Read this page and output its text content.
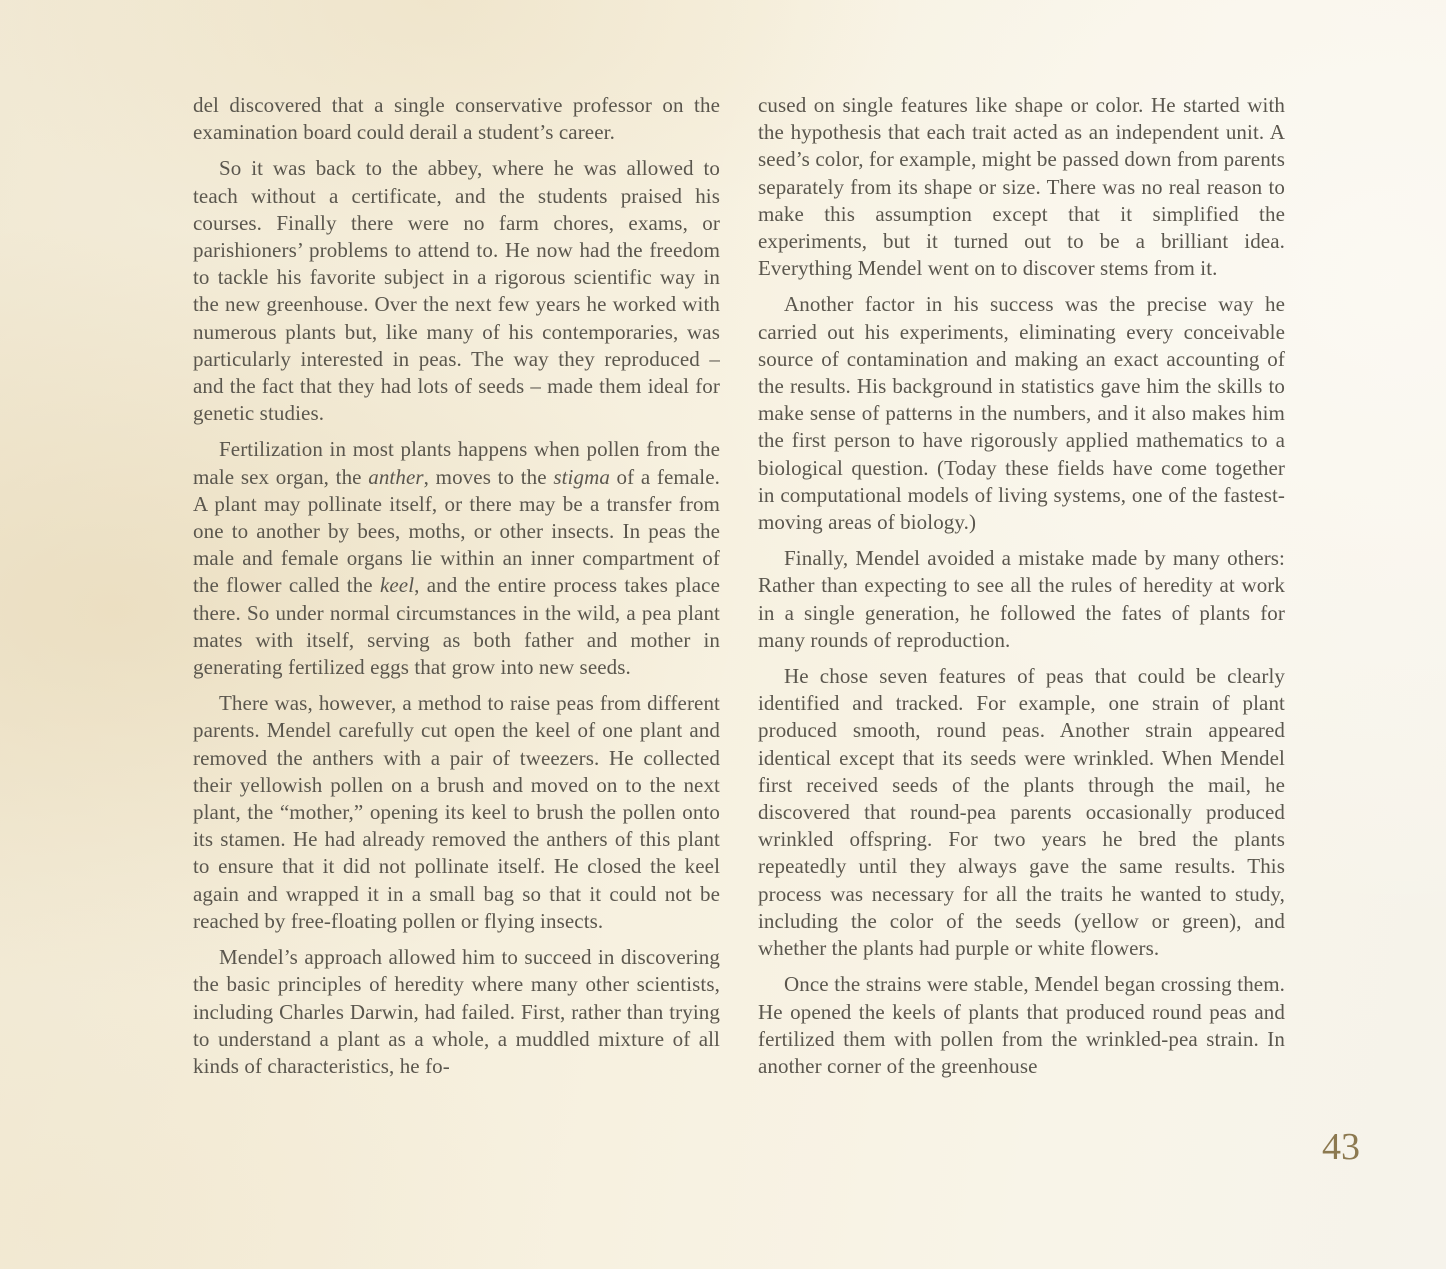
del discovered that a single conservative professor on the examination board could derail a student’s career.

So it was back to the abbey, where he was allowed to teach without a certificate, and the students praised his courses. Finally there were no farm chores, exams, or parishioners’ problems to attend to. He now had the freedom to tackle his favorite subject in a rigorous scientific way in the new greenhouse. Over the next few years he worked with numerous plants but, like many of his contemporaries, was particularly interested in peas. The way they reproduced – and the fact that they had lots of seeds – made them ideal for genetic studies.

Fertilization in most plants happens when pollen from the male sex organ, the anther, moves to the stigma of a female. A plant may pollinate itself, or there may be a transfer from one to another by bees, moths, or other insects. In peas the male and female organs lie within an inner compartment of the flower called the keel, and the entire process takes place there. So under normal circumstances in the wild, a pea plant mates with itself, serving as both father and mother in generating fertilized eggs that grow into new seeds.

There was, however, a method to raise peas from different parents. Mendel carefully cut open the keel of one plant and removed the anthers with a pair of tweezers. He collected their yellowish pollen on a brush and moved on to the next plant, the “mother,” opening its keel to brush the pollen onto its stamen. He had already removed the anthers of this plant to ensure that it did not pollinate itself. He closed the keel again and wrapped it in a small bag so that it could not be reached by free-floating pollen or flying insects.

Mendel’s approach allowed him to succeed in discovering the basic principles of heredity where many other scientists, including Charles Darwin, had failed. First, rather than trying to understand a plant as a whole, a muddled mixture of all kinds of characteristics, he fo-

cused on single features like shape or color. He started with the hypothesis that each trait acted as an independent unit. A seed’s color, for example, might be passed down from parents separately from its shape or size. There was no real reason to make this assumption except that it simplified the experiments, but it turned out to be a brilliant idea. Everything Mendel went on to discover stems from it.

Another factor in his success was the precise way he carried out his experiments, eliminating every conceivable source of contamination and making an exact accounting of the results. His background in statistics gave him the skills to make sense of patterns in the numbers, and it also makes him the first person to have rigorously applied mathematics to a biological question. (Today these fields have come together in computational models of living systems, one of the fastest-moving areas of biology.)

Finally, Mendel avoided a mistake made by many others: Rather than expecting to see all the rules of heredity at work in a single generation, he followed the fates of plants for many rounds of reproduction.

He chose seven features of peas that could be clearly identified and tracked. For example, one strain of plant produced smooth, round peas. Another strain appeared identical except that its seeds were wrinkled. When Mendel first received seeds of the plants through the mail, he discovered that round-pea parents occasionally produced wrinkled offspring. For two years he bred the plants repeatedly until they always gave the same results. This process was necessary for all the traits he wanted to study, including the color of the seeds (yellow or green), and whether the plants had purple or white flowers.

Once the strains were stable, Mendel began crossing them. He opened the keels of plants that produced round peas and fertilized them with pollen from the wrinkled-pea strain. In another corner of the greenhouse

43
